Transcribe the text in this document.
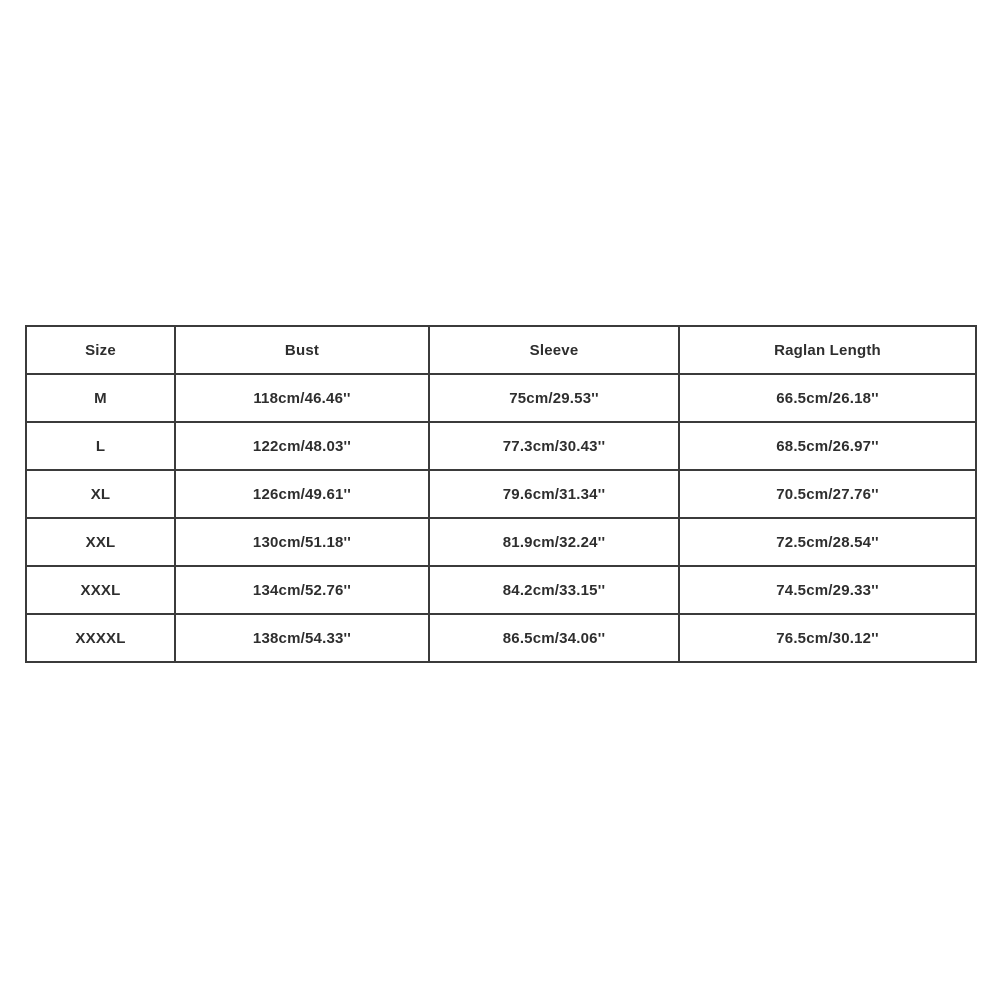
Size	Bust	Sleeve	Raglan Length
M	118cm/46.46''	75cm/29.53''	66.5cm/26.18''
L	122cm/48.03''	77.3cm/30.43''	68.5cm/26.97''
XL	126cm/49.61''	79.6cm/31.34''	70.5cm/27.76''
XXL	130cm/51.18''	81.9cm/32.24''	72.5cm/28.54''
XXXL	134cm/52.76''	84.2cm/33.15''	74.5cm/29.33''
XXXXL	138cm/54.33''	86.5cm/34.06''	76.5cm/30.12''
